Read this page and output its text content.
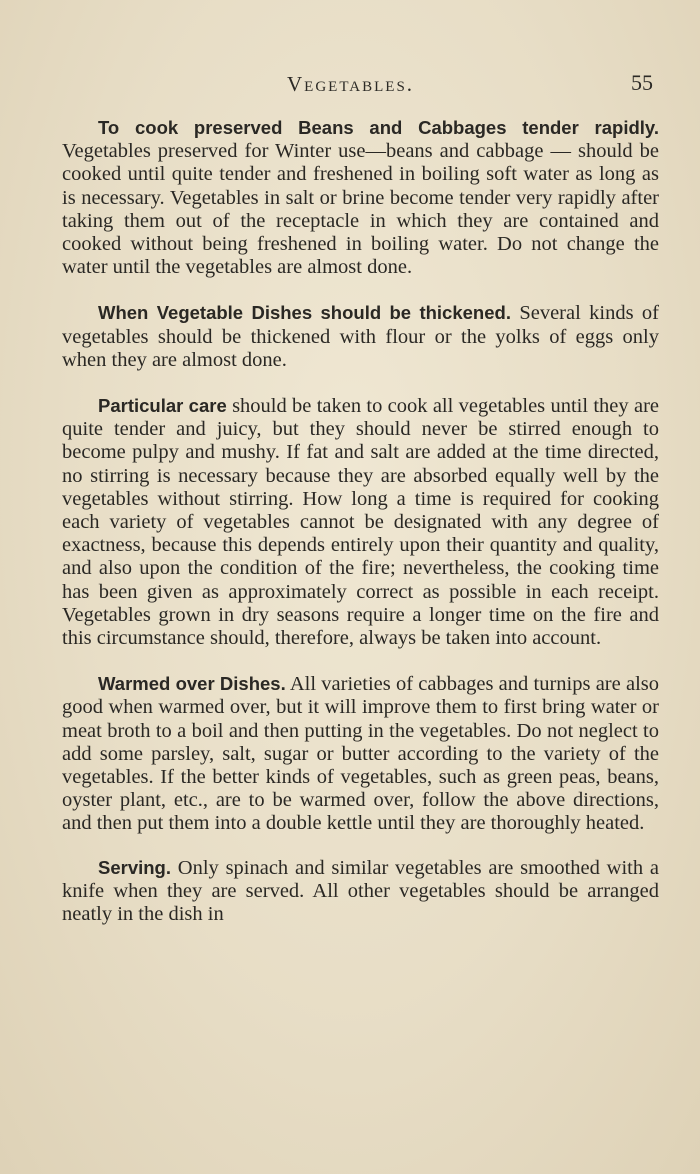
Vegetables.	55

To cook preserved Beans and Cabbages tender rapidly. Vegetables preserved for Winter use—beans and cabbage — should be cooked until quite tender and freshened in boiling soft water as long as is necessary. Vegetables in salt or brine become tender very rapidly after taking them out of the receptacle in which they are contained and cooked without being freshened in boiling water. Do not change the water until the vegetables are almost done.

When Vegetable Dishes should be thickened. Several kinds of vegetables should be thickened with flour or the yolks of eggs only when they are almost done.

Particular care should be taken to cook all vegetables until they are quite tender and juicy, but they should never be stirred enough to become pulpy and mushy. If fat and salt are added at the time directed, no stirring is necessary because they are absorbed equally well by the vegetables without stirring. How long a time is required for cooking each variety of vegetables cannot be designated with any degree of exactness, because this depends entirely upon their quantity and quality, and also upon the condition of the fire; nevertheless, the cooking time has been given as approximately correct as possible in each receipt. Vegetables grown in dry seasons require a longer time on the fire and this circumstance should, therefore, always be taken into account.

Warmed over Dishes. All varieties of cabbages and turnips are also good when warmed over, but it will improve them to first bring water or meat broth to a boil and then putting in the vegetables. Do not neglect to add some parsley, salt, sugar or butter according to the variety of the vegetables. If the better kinds of vegetables, such as green peas, beans, oyster plant, etc., are to be warmed over, follow the above directions, and then put them into a double kettle until they are thoroughly heated.

Serving. Only spinach and similar vegetables are smoothed with a knife when they are served. All other vegetables should be arranged neatly in the dish in
